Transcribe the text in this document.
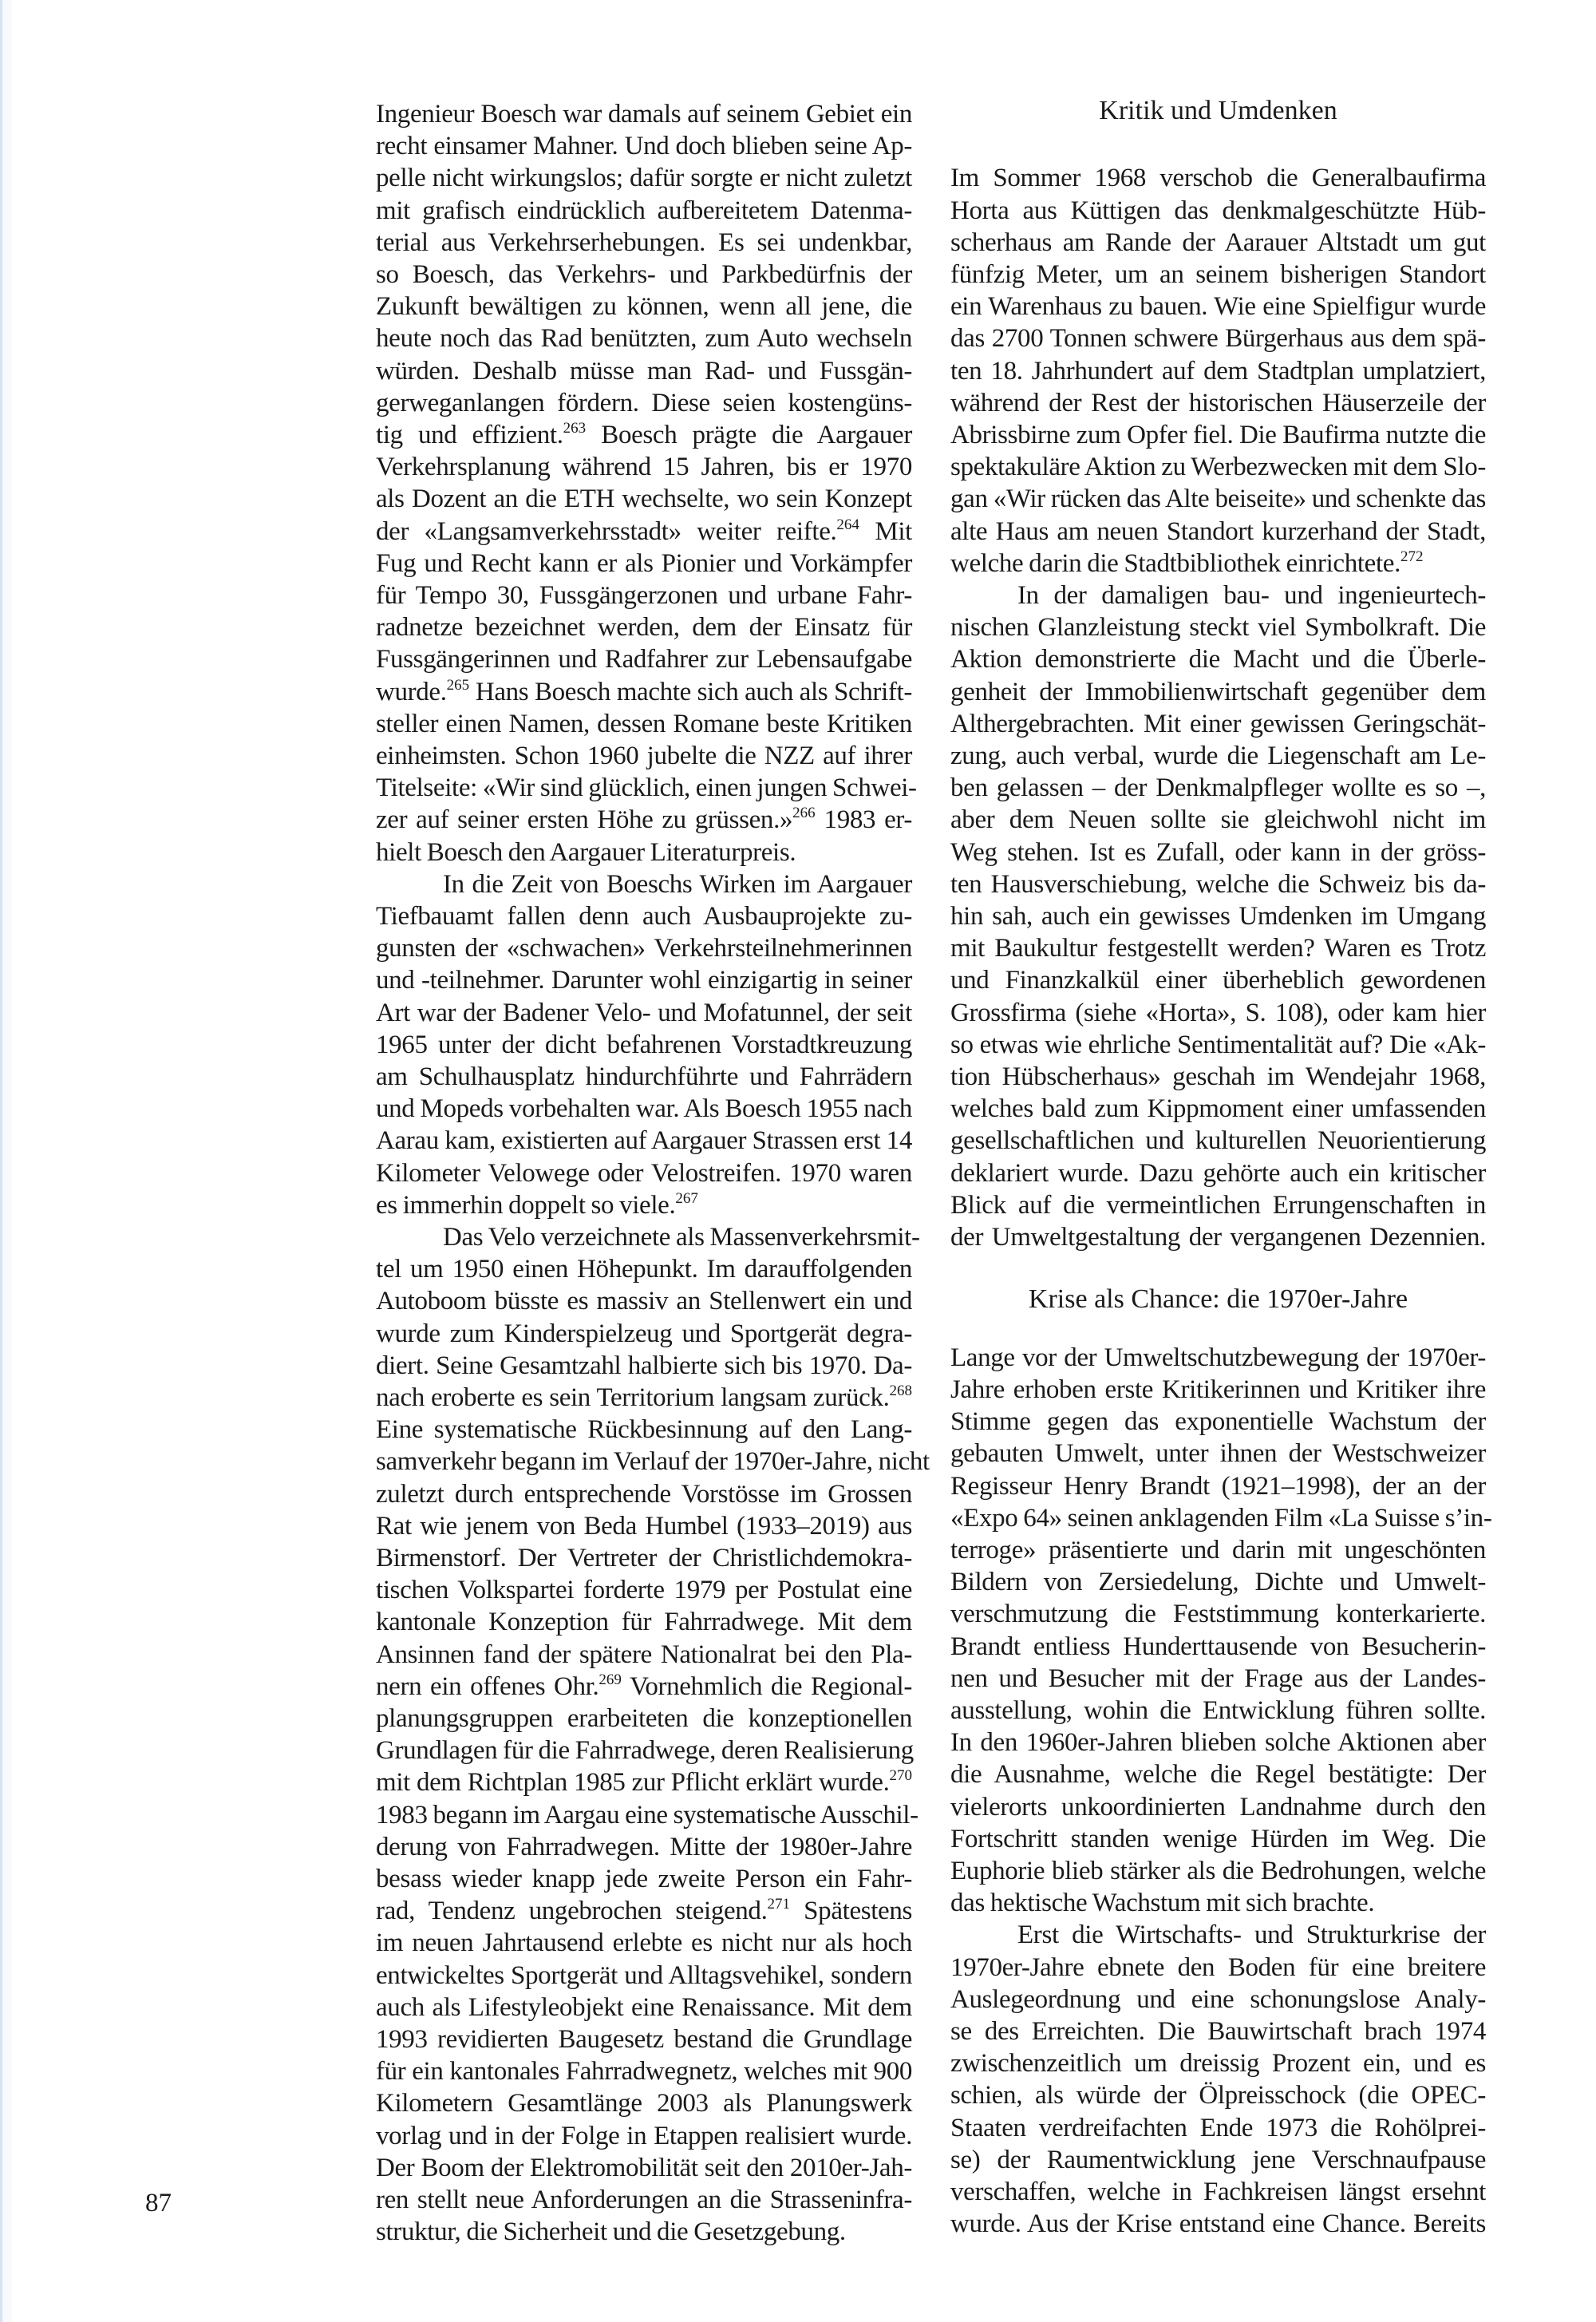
Ingenieur Boesch war damals auf seinem Gebiet ein
recht einsamer Mahner. Und doch blieben seine Ap-
pelle nicht wirkungslos; dafür sorgte er nicht zuletzt
mit grafisch eindrücklich aufbereitetem Datenma-
terial aus Verkehrserhebungen. Es sei undenkbar,
so Boesch, das Verkehrs- und Parkbedürfnis der
Zukunft bewältigen zu können, wenn all jene, die
heute noch das Rad benützten, zum Auto wechseln
würden. Deshalb müsse man Rad- und Fussgän-
gerweganlangen fördern. Diese seien kostengüns-
tig und effizient.$^{263}$ Boesch prägte die Aargauer
Verkehrsplanung während 15 Jahren, bis er 1970
als Dozent an die ETH wechselte, wo sein Konzept
der «Langsamverkehrsstadt» weiter reifte.$^{264}$ Mit
Fug und Recht kann er als Pionier und Vorkämpfer
für Tempo 30, Fussgängerzonen und urbane Fahr-
radnetze bezeichnet werden, dem der Einsatz für
Fussgängerinnen und Radfahrer zur Lebensaufgabe
wurde.$^{265}$ Hans Boesch machte sich auch als Schrift-
steller einen Namen, dessen Romane beste Kritiken
einheimsten. Schon 1960 jubelte die NZZ auf ihrer
Titelseite: «Wir sind glücklich, einen jungen Schwei-
zer auf seiner ersten Höhe zu grüssen.»$^{266}$ 1983 er-
hielt Boesch den Aargauer Literaturpreis.
In die Zeit von Boeschs Wirken im Aargauer
Tiefbauamt fallen denn auch Ausbauprojekte zu-
gunsten der «schwachen» Verkehrsteilnehmerinnen
und -teilnehmer. Darunter wohl einzigartig in seiner
Art war der Badener Velo- und Mofatunnel, der seit
1965 unter der dicht befahrenen Vorstadtkreuzung
am Schulhausplatz hindurchführte und Fahrrädern
und Mopeds vorbehalten war. Als Boesch 1955 nach
Aarau kam, existierten auf Aargauer Strassen erst 14
Kilometer Velowege oder Velostreifen. 1970 waren
es immerhin doppelt so viele.$^{267}$
Das Velo verzeichnete als Massenverkehrsmit-
tel um 1950 einen Höhepunkt. Im darauffolgenden
Autoboom büsste es massiv an Stellenwert ein und
wurde zum Kinderspielzeug und Sportgerät degra-
diert. Seine Gesamtzahl halbierte sich bis 1970. Da-
nach eroberte es sein Territorium langsam zurück.$^{268}$
Eine systematische Rückbesinnung auf den Lang-
samverkehr begann im Verlauf der 1970er-Jahre, nicht
zuletzt durch entsprechende Vorstösse im Grossen
Rat wie jenem von Beda Humbel (1933–2019) aus
Birmenstorf. Der Vertreter der Christlichdemokra-
tischen Volkspartei forderte 1979 per Postulat eine
kantonale Konzeption für Fahrradwege. Mit dem
Ansinnen fand der spätere Nationalrat bei den Pla-
nern ein offenes Ohr.$^{269}$ Vornehmlich die Regional-
planungsgruppen erarbeiteten die konzeptionellen
Grundlagen für die Fahrradwege, deren Realisierung
mit dem Richtplan 1985 zur Pflicht erklärt wurde.$^{270}$
1983 begann im Aargau eine systematische Ausschil-
derung von Fahrradwegen. Mitte der 1980er-Jahre
besass wieder knapp jede zweite Person ein Fahr-
rad, Tendenz ungebrochen steigend.$^{271}$ Spätestens
im neuen Jahrtausend erlebte es nicht nur als hoch
entwickeltes Sportgerät und Alltagsvehikel, sondern
auch als Lifestyleobjekt eine Renaissance. Mit dem
1993 revidierten Baugesetz bestand die Grundlage
für ein kantonales Fahrradwegnetz, welches mit 900
Kilometern Gesamtlänge 2003 als Planungswerk
vorlag und in der Folge in Etappen realisiert wurde.
Der Boom der Elektromobilität seit den 2010er-Jah-
ren stellt neue Anforderungen an die Strasseninfra-
struktur, die Sicherheit und die Gesetzgebung.
Kritik und Umdenken
Krise als Chance: die 1970er-Jahre
Im Sommer 1968 verschob die Generalbaufirma
Horta aus Küttigen das denkmalgeschützte Hüb-
scherhaus am Rande der Aarauer Altstadt um gut
fünfzig Meter, um an seinem bisherigen Standort
ein Warenhaus zu bauen. Wie eine Spielfigur wurde
das 2700 Tonnen schwere Bürgerhaus aus dem spä-
ten 18. Jahrhundert auf dem Stadtplan umplatziert,
während der Rest der historischen Häuserzeile der
Abrissbirne zum Opfer fiel. Die Baufirma nutzte die
spektakuläre Aktion zu Werbezwecken mit dem Slo-
gan «Wir rücken das Alte beiseite» und schenkte das
alte Haus am neuen Standort kurzerhand der Stadt,
welche darin die Stadtbibliothek einrichtete.$^{272}$
In der damaligen bau- und ingenieurtech-
nischen Glanzleistung steckt viel Symbolkraft. Die
Aktion demonstrierte die Macht und die Überle-
genheit der Immobilienwirtschaft gegenüber dem
Althergebrachten. Mit einer gewissen Geringschät-
zung, auch verbal, wurde die Liegenschaft am Le-
ben gelassen – der Denkmalpfleger wollte es so –,
aber dem Neuen sollte sie gleichwohl nicht im
Weg stehen. Ist es Zufall, oder kann in der gröss-
ten Hausverschiebung, welche die Schweiz bis da-
hin sah, auch ein gewisses Umdenken im Umgang
mit Baukultur festgestellt werden? Waren es Trotz
und Finanzkalkül einer überheblich gewordenen
Grossfirma (siehe «Horta», S. 108), oder kam hier
so etwas wie ehrliche Sentimentalität auf? Die «Ak-
tion Hübscherhaus» geschah im Wendejahr 1968,
welches bald zum Kippmoment einer umfassenden
gesellschaftlichen und kulturellen Neuorientierung
deklariert wurde. Dazu gehörte auch ein kritischer
Blick auf die vermeintlichen Errungenschaften in
der Umweltgestaltung der vergangenen Dezennien.
Lange vor der Umweltschutzbewegung der 1970er-
Jahre erhoben erste Kritikerinnen und Kritiker ihre
Stimme gegen das exponentielle Wachstum der
gebauten Umwelt, unter ihnen der Westschweizer
Regisseur Henry Brandt (1921–1998), der an der
«Expo 64» seinen anklagenden Film «La Suisse s’in-
terroge» präsentierte und darin mit ungeschönten
Bildern von Zersiedelung, Dichte und Umwelt-
verschmutzung die Feststimmung konterkarierte.
Brandt entliess Hunderttausende von Besucherin-
nen und Besucher mit der Frage aus der Landes-
ausstellung, wohin die Entwicklung führen sollte.
In den 1960er-Jahren blieben solche Aktionen aber
die Ausnahme, welche die Regel bestätigte: Der
vielerorts unkoordinierten Landnahme durch den
Fortschritt standen wenige Hürden im Weg. Die
Euphorie blieb stärker als die Bedrohungen, welche
das hektische Wachstum mit sich brachte.
Erst die Wirtschafts- und Strukturkrise der
1970er-Jahre ebnete den Boden für eine breitere
Auslegeordnung und eine schonungslose Analy-
se des Erreichten. Die Bauwirtschaft brach 1974
zwischenzeitlich um dreissig Prozent ein, und es
schien, als würde der Ölpreisschock (die OPEC-
Staaten verdreifachten Ende 1973 die Rohölprei-
se) der Raumentwicklung jene Verschnaufpause
verschaffen, welche in Fachkreisen längst ersehnt
wurde. Aus der Krise entstand eine Chance. Bereits
87
